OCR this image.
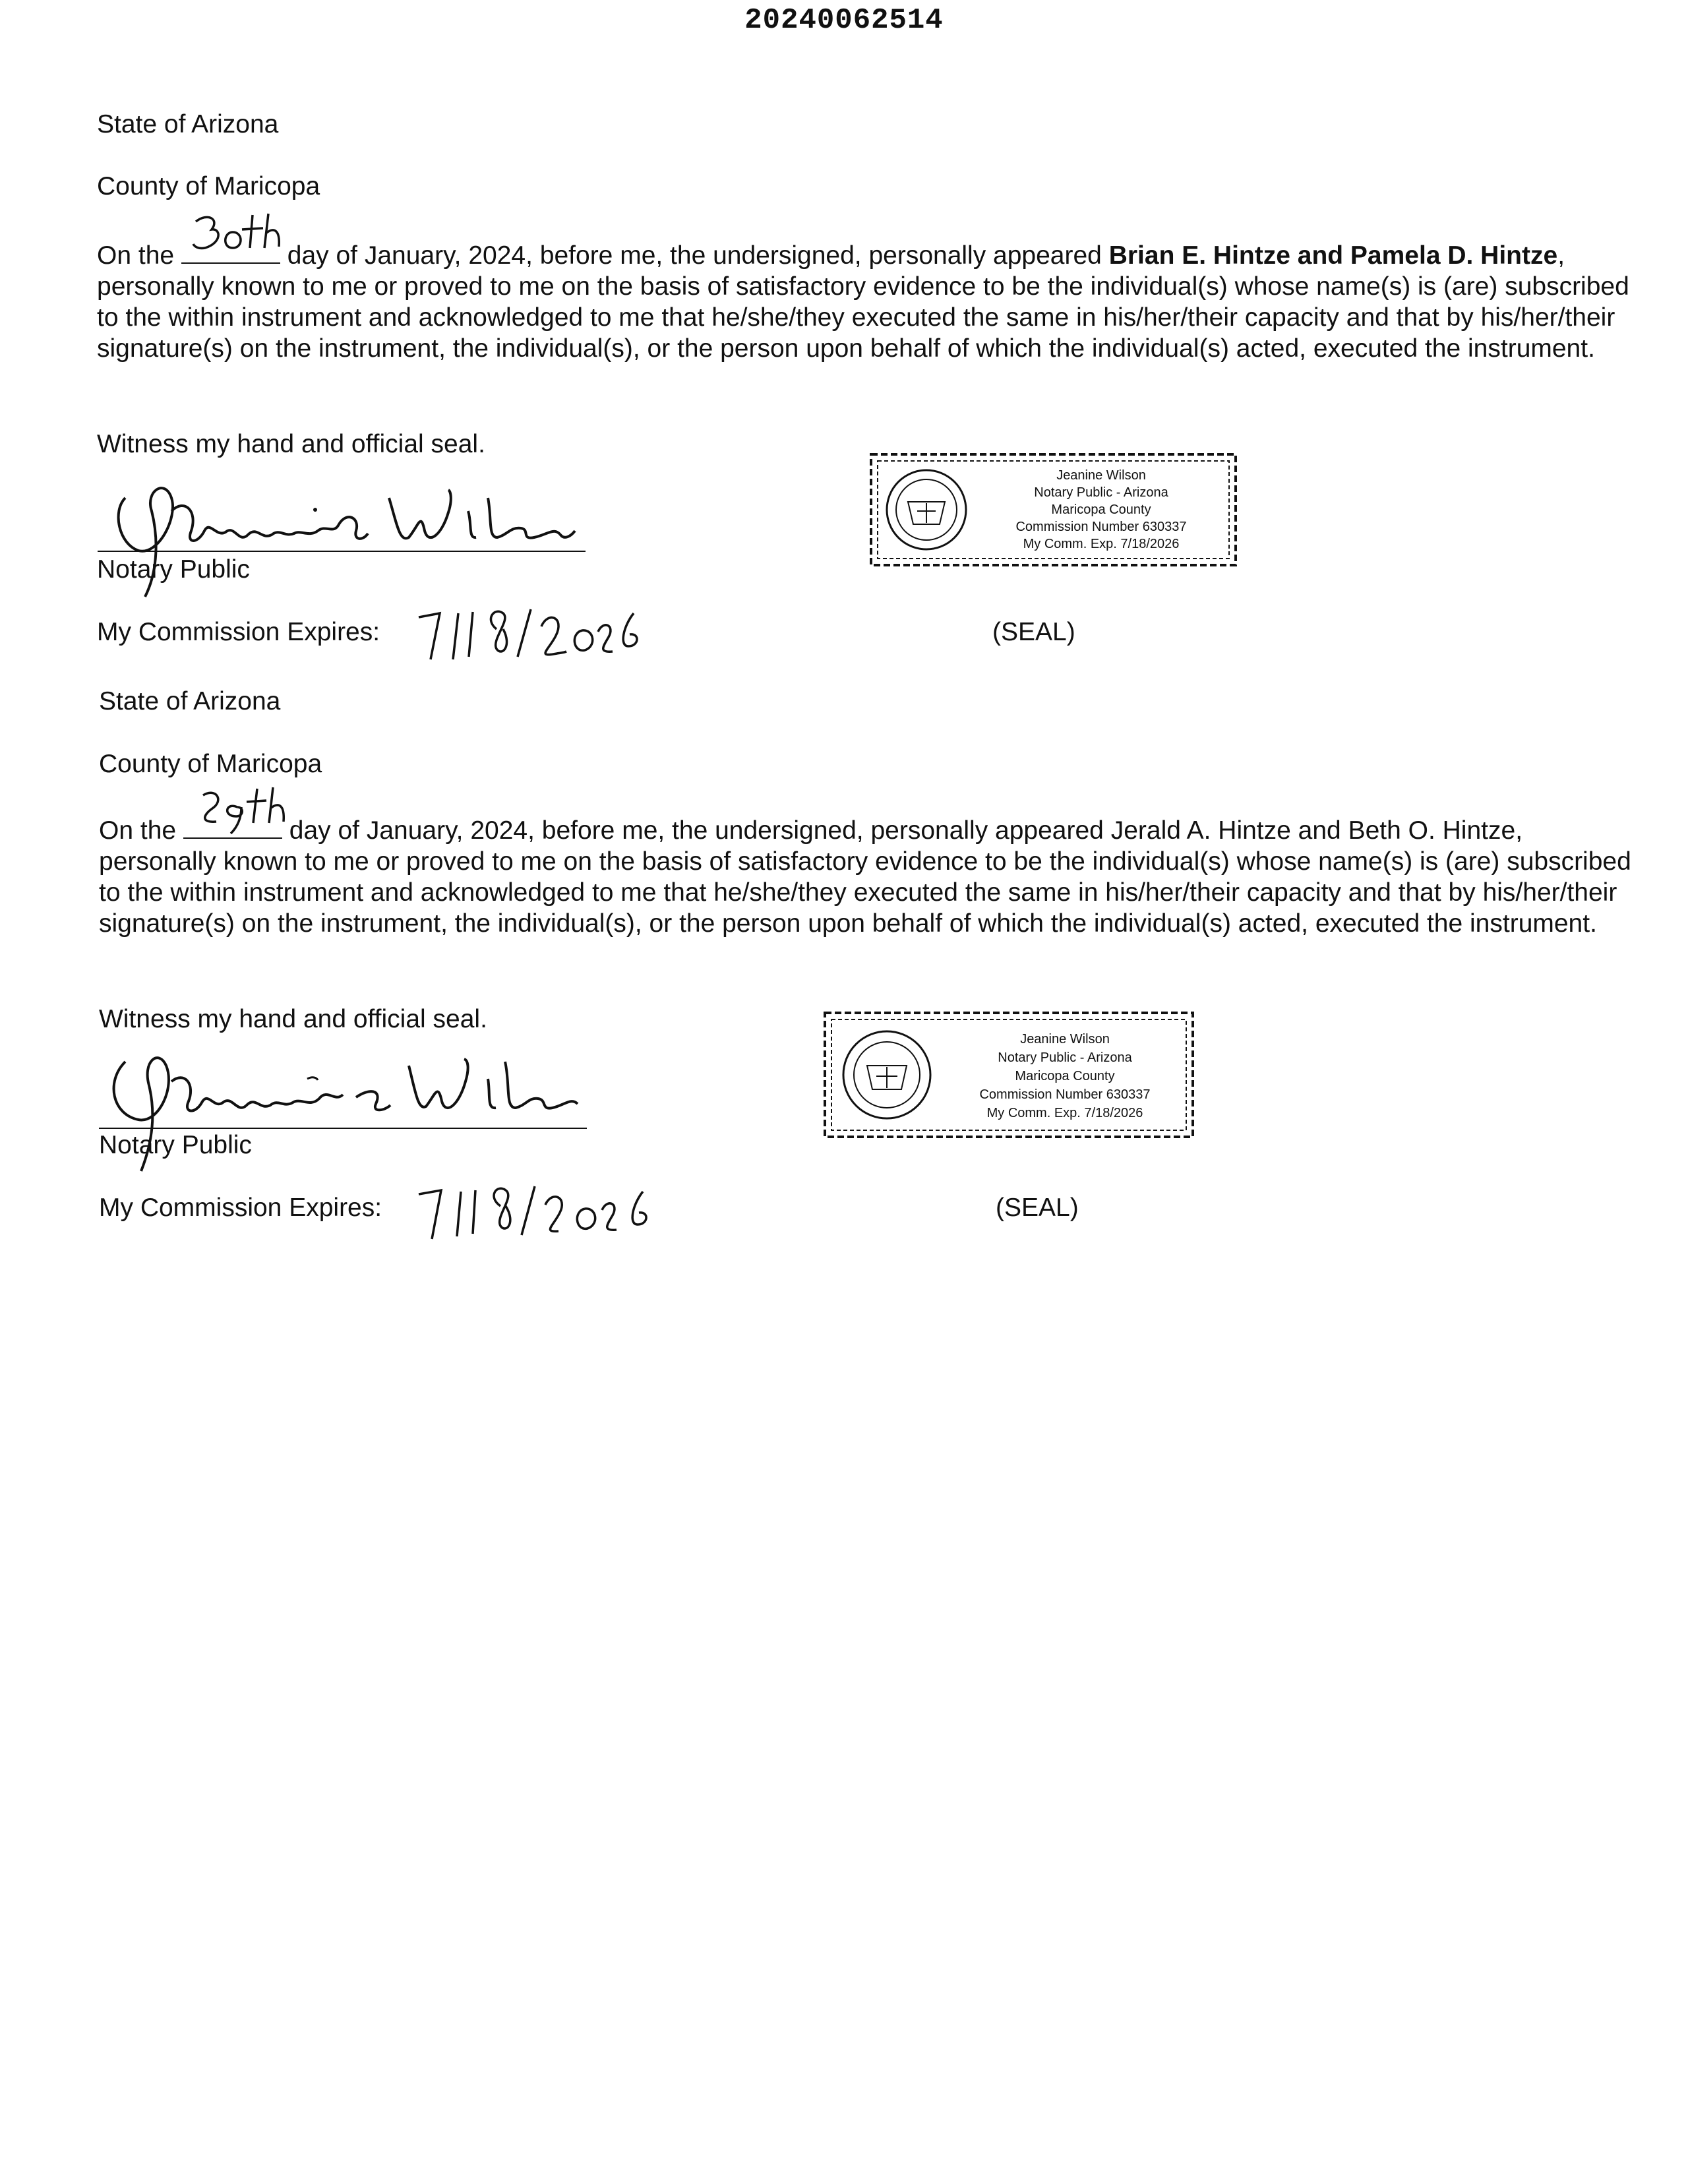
20240062514
State of Arizona
County of Maricopa
On the	day of January, 2024, before me, the undersigned, personally appeared Brian E. Hintze and Pamela D. Hintze, personally known to me or proved to me on the basis of satisfactory evidence to be the individual(s) whose name(s) is (are) subscribed to the within instrument and acknowledged to me that he/she/they executed the same in his/her/their capacity and that by his/her/their signature(s) on the instrument, the individual(s), or the person upon behalf of which the individual(s) acted, executed the instrument.
Witness my hand and official seal.
Notary Public
My Commission Expires:
Jeanine Wilson
Notary Public - Arizona
Maricopa County
Commission Number 630337
My Comm. Exp. 7/18/2026
(SEAL)
State of Arizona
County of Maricopa
On the	day of January, 2024, before me, the undersigned, personally appeared Jerald A. Hintze and Beth O. Hintze, personally known to me or proved to me on the basis of satisfactory evidence to be the individual(s) whose name(s) is (are) subscribed to the within instrument and acknowledged to me that he/she/they executed the same in his/her/their capacity and that by his/her/their signature(s) on the instrument, the individual(s), or the person upon behalf of which the individual(s) acted, executed the instrument.
Witness my hand and official seal.
Notary Public
My Commission Expires:
Jeanine Wilson
Notary Public - Arizona
Maricopa County
Commission Number 630337
My Comm. Exp. 7/18/2026
(SEAL)
